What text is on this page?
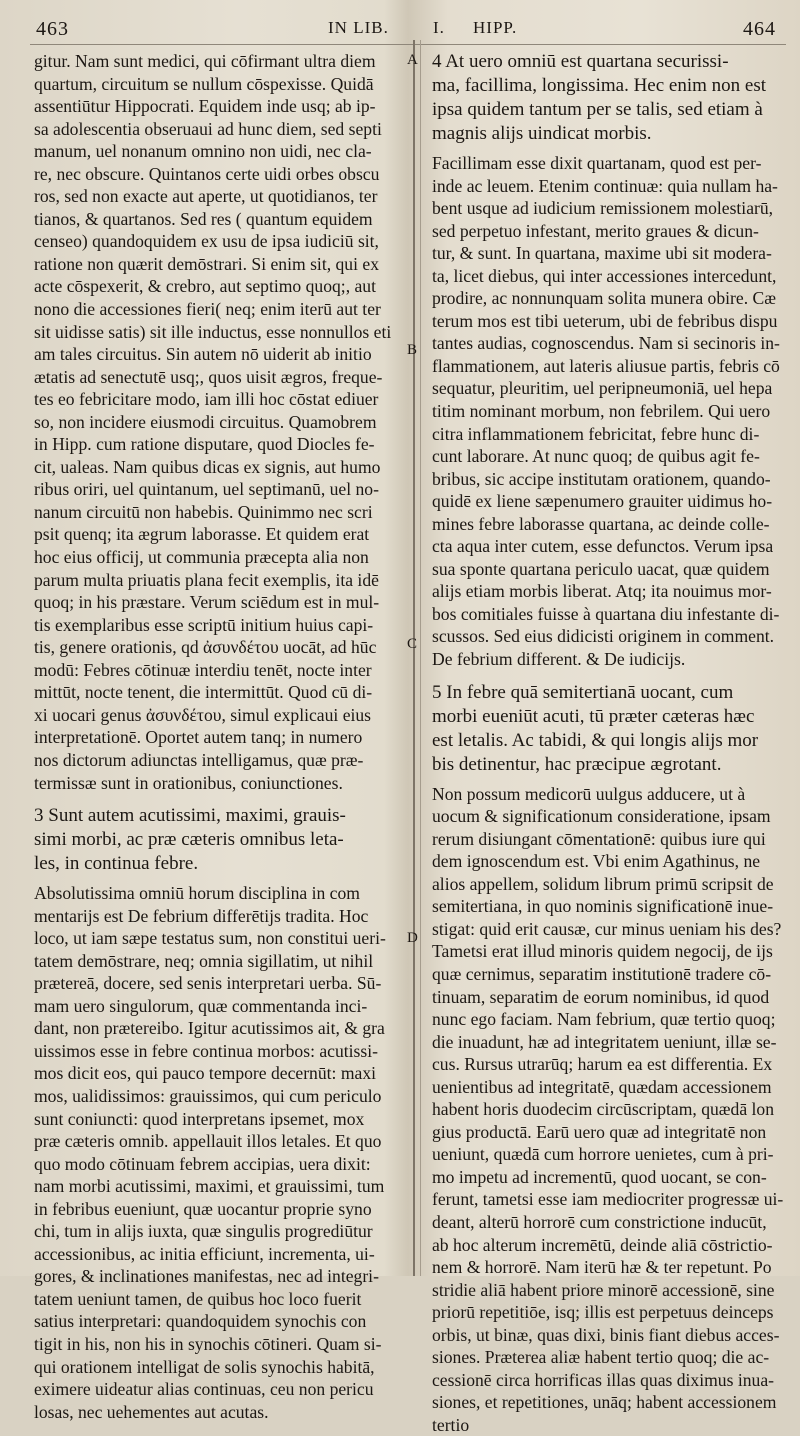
463	IN LIB.	I. HIPP.	464
A
B
C
D
gitur. Nam sunt medici, qui cōfirmant ultra diem
quartum, circuitum se nullum cōspexisse. Quidā
assentiūtur Hippocrati. Equidem inde usq; ab ip-
sa adolescentia obseruaui ad hunc diem, sed septi
manum, uel nonanum omnino non uidi, nec cla-
re, nec obscure. Quintanos certe uidi orbes obscu
ros, sed non exacte aut aperte, ut quotidianos, ter
tianos, & quartanos. Sed res ( quantum equidem
censeo) quandoquidem ex usu de ipsa iudiciū sit,
ratione non quærit demōstrari. Si enim sit, qui ex
acte cōspexerit, & crebro, aut septimo quoq;, aut
nono die accessiones fieri( neq; enim iterū aut ter
sit uidisse satis) sit ille inductus, esse nonnullos eti
am tales circuitus. Sin autem nō uiderit ab initio
ætatis ad senectutē usq;, quos uisit ægros, freque-
tes eo febricitare modo, iam illi hoc cōstat ediuer
so, non incidere eiusmodi circuitus. Quamobrem
in Hipp. cum ratione disputare, quod Diocles fe-
cit, ualeas. Nam quibus dicas ex signis, aut humo
ribus oriri, uel quintanum, uel septimanū, uel no-
nanum circuitū non habebis. Quinimmo nec scri
psit quenq; ita ægrum laborasse. Et quidem erat
hoc eius officij, ut communia præcepta alia non
parum multa priuatis plana fecit exemplis, ita idē
quoq; in his præstare. Verum sciēdum est in mul-
tis exemplaribus esse scriptū initium huius capi-
tis, genere orationis, qd ἀσυνδέτου uocāt, ad hūc
modū: Febres cōtinuæ interdiu tenēt, nocte inter
mittūt, nocte tenent, die intermittūt. Quod cū di-
xi uocari genus ἀσυνδέτου, simul explicaui eius
interpretationē. Oportet autem tanq; in numero
nos dictorum adiunctas intelligamus, quæ præ-
termissæ sunt in orationibus, coniunctiones.
3 Sunt autem acutissimi, maximi, grauis-
simi morbi, ac præ cæteris omnibus leta-
les, in continua febre.
Absolutissima omniū horum disciplina in com
mentarijs est De febrium differētijs tradita. Hoc
loco, ut iam sæpe testatus sum, non constitui ueri-
tatem demōstrare, neq; omnia sigillatim, ut nihil
prætereā, docere, sed senis interpretari uerba. Sū-
mam uero singulorum, quæ commentanda inci-
dant, non prætereibo. Igitur acutissimos ait, & gra
uissimos esse in febre continua morbos: acutissi-
mos dicit eos, qui pauco tempore decernūt: maxi
mos, ualidissimos: grauissimos, qui cum periculo
sunt coniuncti: quod interpretans ipsemet, mox
præ cæteris omnib. appellauit illos letales. Et quo
quo modo cōtinuam febrem accipias, uera dixit:
nam morbi acutissimi, maximi, et grauissimi, tum
in febribus eueniunt, quæ uocantur proprie syno
chi, tum in alijs iuxta, quæ singulis progrediūtur
accessionibus, ac initia efficiunt, incrementa, ui-
gores, & inclinationes manifestas, nec ad integri-
tatem ueniunt tamen, de quibus hoc loco fuerit
satius interpretari: quandoquidem synochis con
tigit in his, non his in synochis cōtineri. Quam si-
qui orationem intelligat de solis synochis habitā,
eximere uideatur alias continuas, ceu non pericu
losas, nec uehementes aut acutas.
4 At uero omniū est quartana securissi-
ma, facillima, longissima. Hec enim non est
ipsa quidem tantum per se talis, sed etiam à
magnis alijs uindicat morbis.
Facillimam esse dixit quartanam, quod est per-
inde ac leuem. Etenim continuæ: quia nullam ha-
bent usque ad iudicium remissionem molestiarū,
sed perpetuo infestant, merito graues & dicun-
tur, & sunt. In quartana, maxime ubi sit modera-
ta, licet diebus, qui inter accessiones intercedunt,
prodire, ac nonnunquam solita munera obire. Cæ
terum mos est tibi ueterum, ubi de febribus dispu
tantes audias, cognoscendus. Nam si secinoris in-
flammationem, aut lateris aliusue partis, febris cō
sequatur, pleuritim, uel peripneumoniā, uel hepa
titim nominant morbum, non febrilem. Qui uero
citra inflammationem febricitat, febre hunc di-
cunt laborare. At nunc quoq; de quibus agit fe-
bribus, sic accipe institutam orationem, quando-
quidē ex liene sæpenumero grauiter uidimus ho-
mines febre laborasse quartana, ac deinde colle-
cta aqua inter cutem, esse defunctos. Verum ipsa
sua sponte quartana periculo uacat, quæ quidem
alijs etiam morbis liberat. Atq; ita nouimus mor-
bos comitiales fuisse à quartana diu infestante di-
scussos. Sed eius didicisti originem in comment.
De febrium different. & De iudicijs.
5 In febre quā semitertianā uocant, cum
morbi eueniūt acuti, tū præter cæteras hæc
est letalis. Ac tabidi, & qui longis alijs mor
bis detinentur, hac præcipue ægrotant.
Non possum medicorū uulgus adducere, ut à
uocum & significationum consideratione, ipsam
rerum disiungant cōmentationē: quibus iure qui
dem ignoscendum est. Vbi enim Agathinus, ne
alios appellem, solidum librum primū scripsit de
semitertiana, in quo nominis significationē inue-
stigat: quid erit causæ, cur minus ueniam his des?
Tametsi erat illud minoris quidem negocij, de ijs
quæ cernimus, separatim institutionē tradere cō-
tinuam, separatim de eorum nominibus, id quod
nunc ego faciam. Nam febrium, quæ tertio quoq;
die inuadunt, hæ ad integritatem ueniunt, illæ se-
cus. Rursus utrarūq; harum ea est differentia. Ex
uenientibus ad integritatē, quædam accessionem
habent horis duodecim circūscriptam, quædā lon
gius productā. Earū uero quæ ad integritatē non
ueniunt, quædā cum horrore uenietes, cum à pri-
mo impetu ad incrementū, quod uocant, se con-
ferunt, tametsi esse iam mediocriter progressæ ui-
deant, alterū horrorē cum constrictione inducūt,
ab hoc alterum incremētū, deinde aliā cōstrictio-
nem & horrorē. Nam iterū hæ & ter repetunt. Po
stridie aliā habent priore minorē accessionē, sine
priorū repetitiōe, isq; illis est perpetuus deinceps
orbis, ut binæ, quas dixi, binis fiant diebus acces-
siones. Præterea aliæ habent tertio quoq; die ac-
cessionē circa horrificas illas quas diximus inua-
siones, et repetitiones, unāq; habent accessionem
tertio
